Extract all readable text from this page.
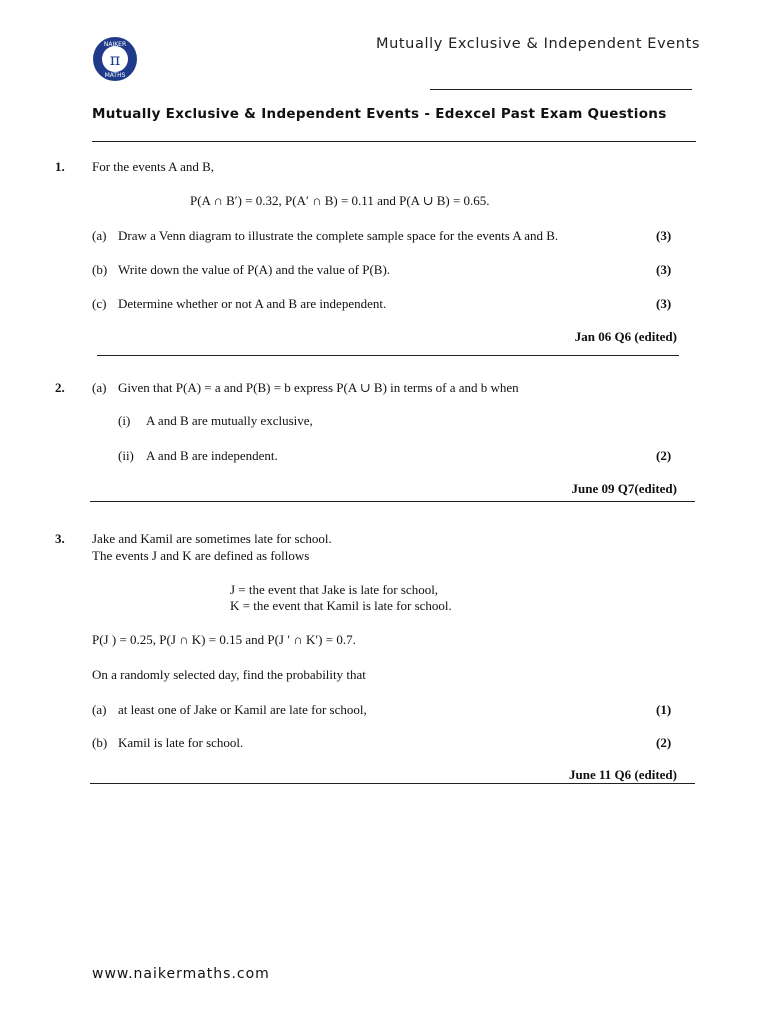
NAIKER
MATHS
π
Mutually Exclusive & Independent Events
Mutually Exclusive & Independent Events - Edexcel Past Exam Questions
1. For the events A and B,
P(A ∩ B′) = 0.32, P(A′ ∩ B) = 0.11 and P(A ∪ B) = 0.65.
(a) Draw a Venn diagram to illustrate the complete sample space for the events A and B.	(3)
(b) Write down the value of P(A) and the value of P(B).	(3)
(c) Determine whether or not A and B are independent.	(3)
Jan 06 Q6 (edited)
2. (a) Given that P(A) = a and P(B) = b express P(A ∪ B) in terms of a and b when
(i) A and B are mutually exclusive,
(ii) A and B are independent.	(2)
June 09 Q7(edited)
3. Jake and Kamil are sometimes late for school.
The events J and K are defined as follows
J = the event that Jake is late for school,
K = the event that Kamil is late for school.
P(J ) = 0.25, P(J ∩ K) = 0.15 and P(J ′ ∩ K′) = 0.7.
On a randomly selected day, find the probability that
(a) at least one of Jake or Kamil are late for school,	(1)
(b) Kamil is late for school.	(2)
June 11 Q6 (edited)
www.naikermaths.com
